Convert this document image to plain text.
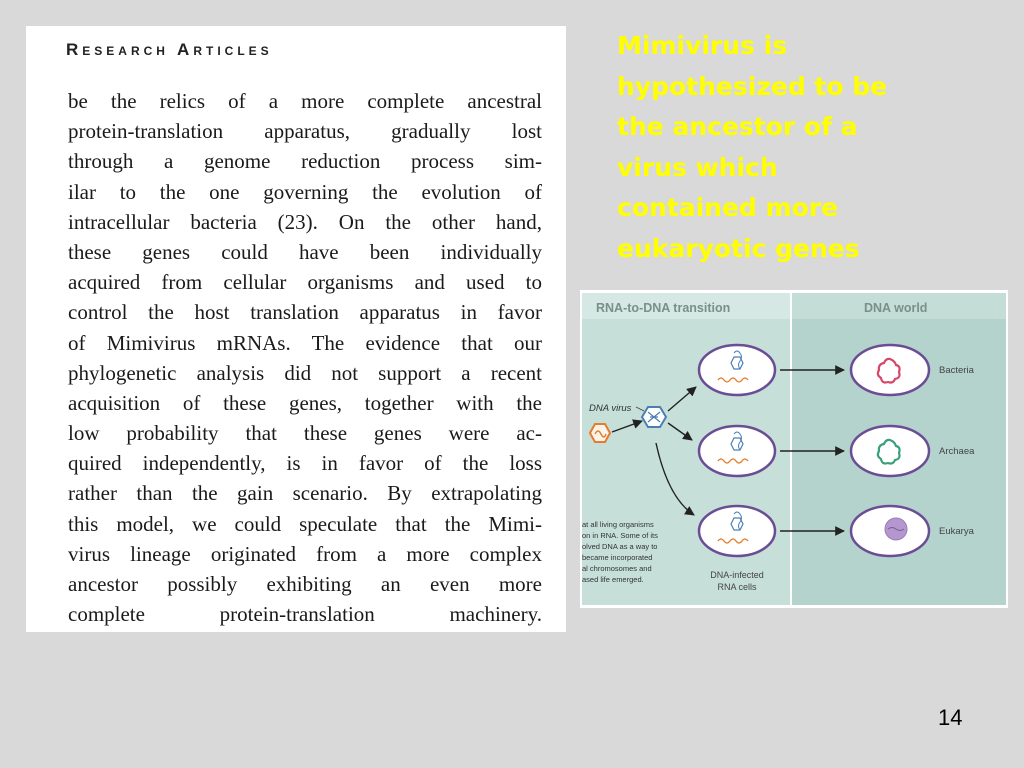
Research Articles
be the relics of a more complete ancestral
protein-translation apparatus, gradually lost
through a genome reduction process sim-
ilar to the one governing the evolution of
intracellular bacteria (23). On the other hand,
these genes could have been individually
acquired from cellular organisms and used to
control the host translation apparatus in favor
of Mimivirus mRNAs. The evidence that our
phylogenetic analysis did not support a recent
acquisition of these genes, together with the
low probability that these genes were ac-
quired independently, is in favor of the loss
rather than the gain scenario. By extrapolating
this model, we could speculate that the Mimi-
virus lineage originated from a more complex
ancestor possibly exhibiting an even more
complete protein-translation machinery.
Mimivirus is
hypothesized to be
the ancestor of a
virus which
contained more
eukaryotic genes
RNA-to-DNA transition	DNA world
DNA virus
at all living organisms
on in RNA. Some of its
olved DNA as a way to
became incorporated
al chromosomes and
ased life emerged.	DNA-infected
RNA cells
Bacteria
Archaea
Eukarya
14
